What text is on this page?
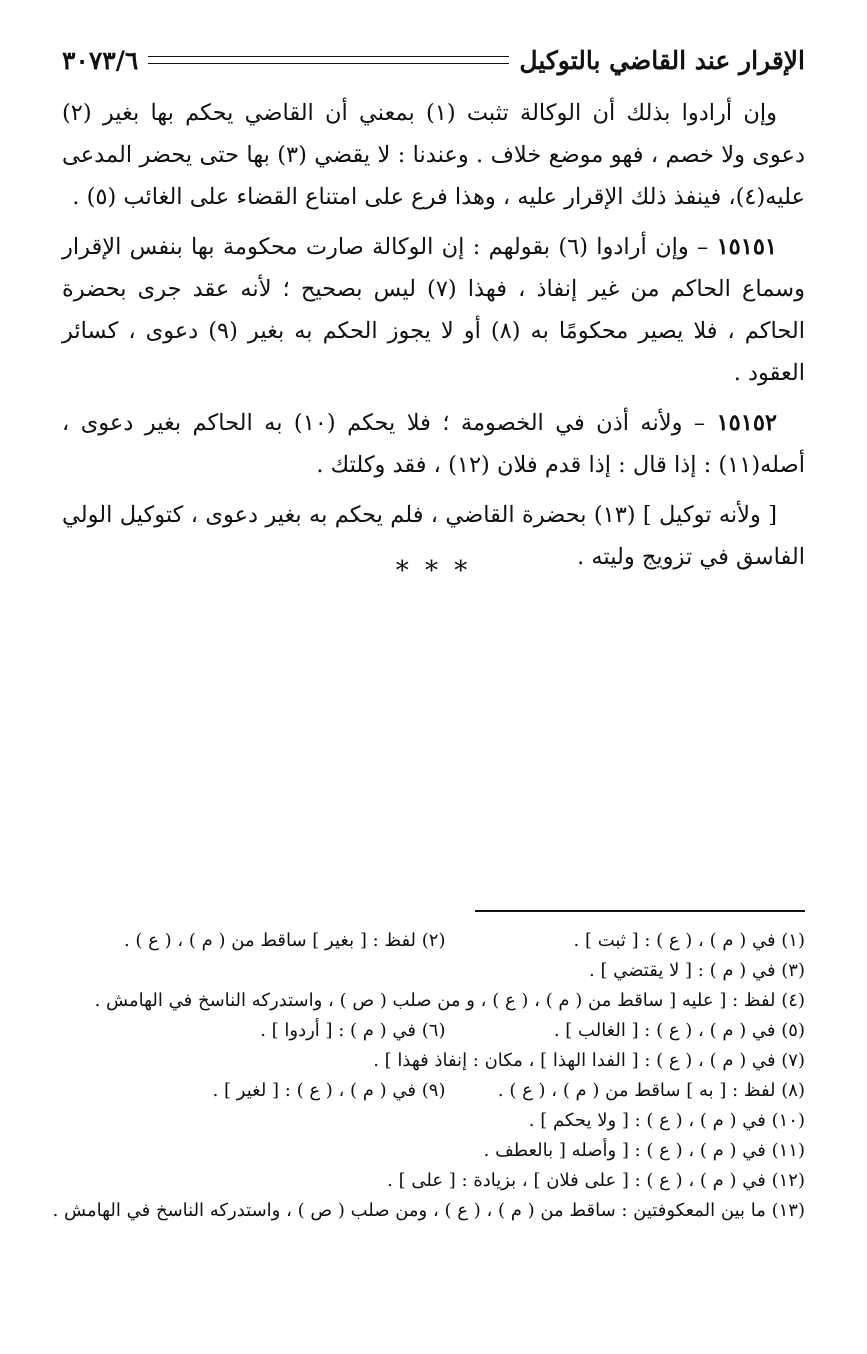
الإقرار عند القاضي بالتوكيل
٣٠٧٣/٦

وإن أرادوا بذلك أن الوكالة تثبت (١) بمعني أن القاضي يحكم بها بغير (٢) دعوى ولا خصم ، فهو موضع خلاف . وعندنا : لا يقضي (٣) بها حتى يحضر المدعى عليه(٤)، فينفذ ذلك الإقرار عليه ، وهذا فرع على امتناع القضاء على الغائب (٥) .

١٥١٥١ – وإن أرادوا (٦) بقولهم : إن الوكالة صارت محكومة بها بنفس الإقرار وسماع الحاكم من غير إنفاذ ، فهذا (٧) ليس بصحيح ؛ لأنه عقد جرى بحضرة الحاكم ، فلا يصير محكومًا به (٨) أو لا يجوز الحكم به بغير (٩) دعوى ، كسائر العقود .

١٥١٥٢ – ولأنه أذن في الخصومة ؛ فلا يحكم (١٠) به الحاكم بغير دعوى ، أصله(١١) : إذا قال : إذا قدم فلان (١٢) ، فقد وكلتك .

[ ولأنه توكيل ] (١٣) بحضرة القاضي ، فلم يحكم به بغير دعوى ، كتوكيل الولي الفاسق في تزويج وليته .

* * *
(١) في ( م ) ، ( ع ) : [ ثبت ] .
(٢) لفظ : [ بغير ] ساقط من ( م ) ، ( ع ) .
(٣) في ( م ) : [ لا يقتضي ] .
(٤) لفظ : [ عليه [ ساقط من ( م ) ، ( ع ) ، و من صلب ( ص ) ، واستدركه الناسخ في الهامش .
(٥) في ( م ) ، ( ع ) : [ الغالب ] .
(٦) في ( م ) : [ أردوا ] .
(٧) في ( م ) ، ( ع ) : [ الفدا الهذا ] ، مكان : إنفاذ فهذا ] .
(٨) لفظ : [ به ] ساقط من ( م ) ، ( ع ) .
(٩) في ( م ) ، ( ع ) : [ لغير ] .
(١٠) في ( م ) ، ( ع ) : [ ولا يحكم ] .
(١١) في ( م ) ، ( ع ) : [ وأصله [ بالعطف .
(١٢) في ( م ) ، ( ع ) : [ على فلان ] ، بزيادة : [ على ] .
(١٣) ما بين المعكوفتين : ساقط من ( م ) ، ( ع ) ، ومن صلب ( ص ) ، واستدركه الناسخ في الهامش .
